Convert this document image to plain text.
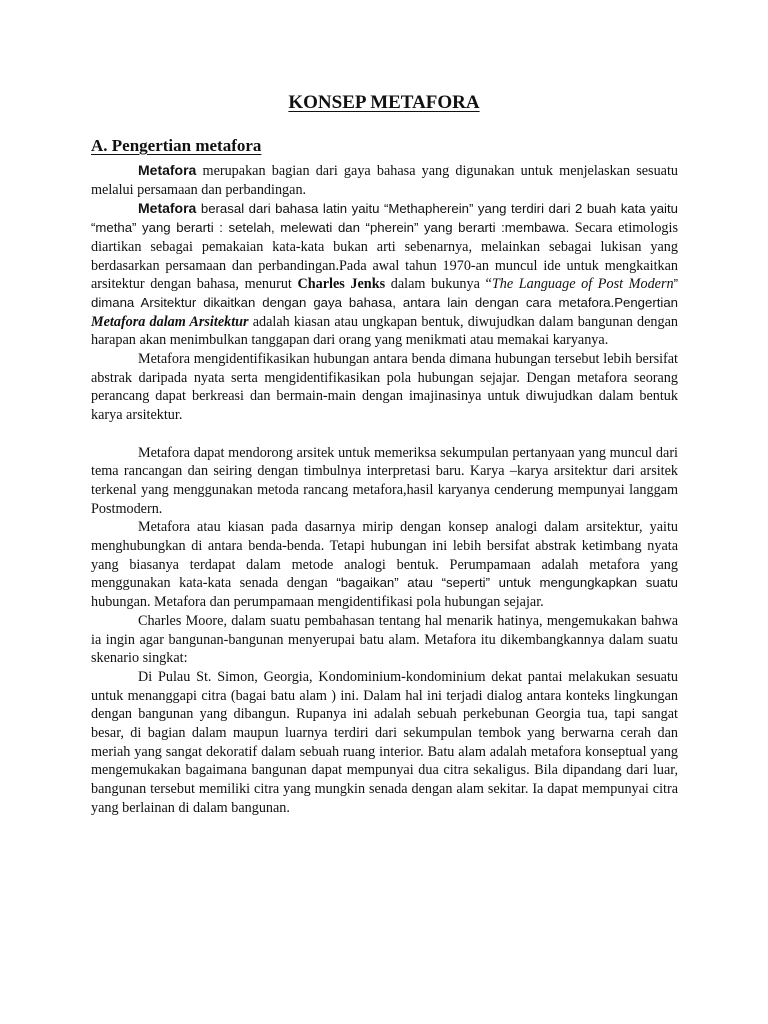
KONSEP METAFORA
A. Pengertian metafora

Metafora merupakan bagian dari gaya bahasa yang digunakan untuk menjelaskan sesuatu melalui persamaan dan perbandingan.

Metafora berasal dari bahasa latin yaitu “Methapherein” yang terdiri dari 2 buah kata yaitu “metha” yang berarti : setelah, melewati dan “pherein” yang berarti :membawa. Secara etimologis diartikan sebagai pemakaian kata-kata bukan arti sebenarnya, melainkan sebagai lukisan yang berdasarkan persamaan dan perbandingan.Pada awal tahun 1970-an muncul ide untuk mengkaitkan arsitektur dengan bahasa, menurut Charles Jenks dalam bukunya “The Language of Post Modern” dimana Arsitektur dikaitkan dengan gaya bahasa, antara lain dengan cara metafora.Pengertian Metafora dalam Arsitektur adalah kiasan atau ungkapan bentuk, diwujudkan dalam bangunan dengan harapan akan menimbulkan tanggapan dari orang yang menikmati atau memakai karyanya.

Metafora mengidentifikasikan hubungan antara benda dimana hubungan tersebut lebih bersifat abstrak daripada nyata serta mengidentifikasikan pola hubungan sejajar. Dengan metafora seorang perancang dapat berkreasi dan bermain-main dengan imajinasinya untuk diwujudkan dalam bentuk karya arsitektur.

Metafora dapat mendorong arsitek untuk memeriksa sekumpulan pertanyaan yang muncul dari tema rancangan dan seiring dengan timbulnya interpretasi baru. Karya –karya arsitektur dari arsitek terkenal yang menggunakan metoda rancang metafora,hasil karyanya cenderung mempunyai langgam Postmodern.

Metafora atau kiasan pada dasarnya mirip dengan konsep analogi dalam arsitektur, yaitu menghubungkan di antara benda-benda. Tetapi hubungan ini lebih bersifat abstrak ketimbang nyata yang biasanya terdapat dalam metode analogi bentuk. Perumpamaan adalah metafora yang menggunakan kata-kata senada dengan “bagaikan” atau “seperti” untuk mengungkapkan suatu hubungan. Metafora dan perumpamaan mengidentifikasi pola hubungan sejajar.

Charles Moore, dalam suatu pembahasan tentang hal menarik hatinya, mengemukakan bahwa ia ingin agar bangunan-bangunan menyerupai batu alam. Metafora itu dikembangkannya dalam suatu skenario singkat:

Di Pulau St. Simon, Georgia, Kondominium-kondominium dekat pantai melakukan sesuatu untuk menanggapi citra (bagai batu alam ) ini. Dalam hal ini terjadi dialog antara konteks lingkungan dengan bangunan yang dibangun. Rupanya ini adalah sebuah perkebunan Georgia tua, tapi sangat besar, di bagian dalam maupun luarnya terdiri dari sekumpulan tembok yang berwarna cerah dan meriah yang sangat dekoratif dalam sebuah ruang interior. Batu alam adalah metafora konseptual yang mengemukakan bagaimana bangunan dapat mempunyai dua citra sekaligus. Bila dipandang dari luar, bangunan tersebut memiliki citra yang mungkin senada dengan alam sekitar. Ia dapat mempunyai citra yang berlainan di dalam bangunan.
